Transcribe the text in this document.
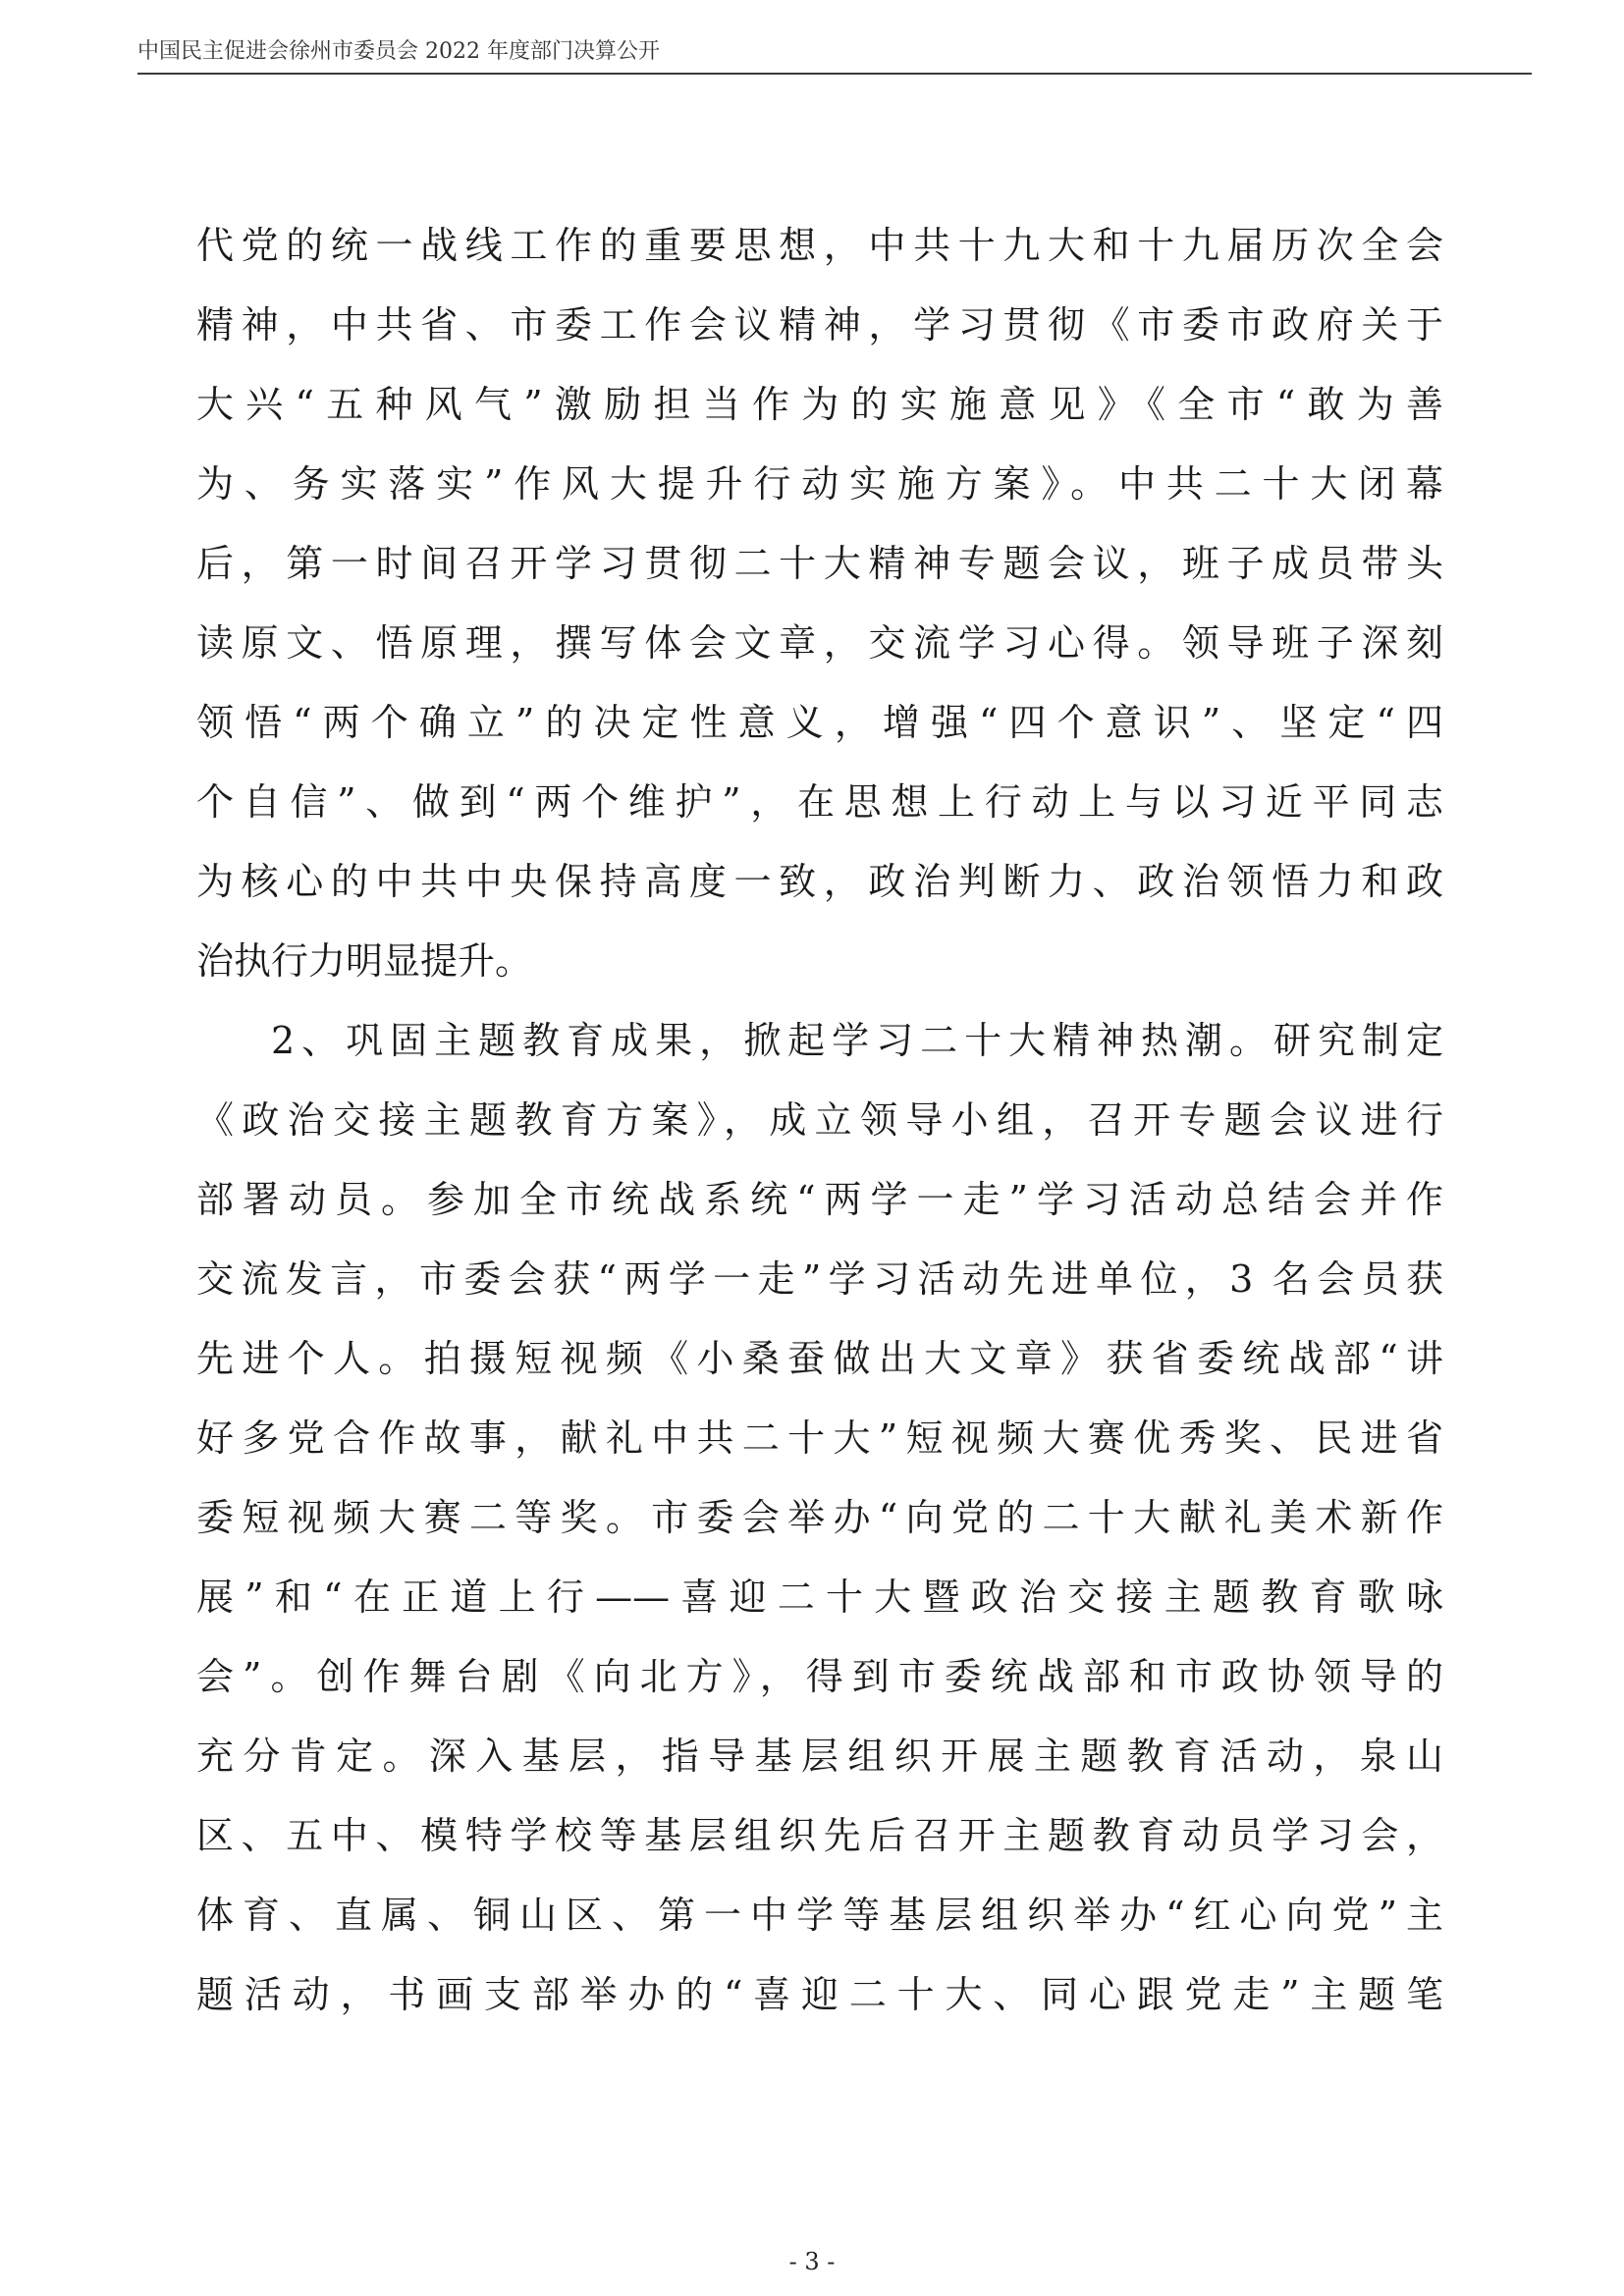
中国民主促进会徐州市委员会 2022 年度部门决算公开
代党的统一战线工作的重要思想，中共十九大和十九届历次全会
精神，中共省、市委工作会议精神，学习贯彻《市委市政府关于
大兴“五种风气”激励担当作为的实施意见》《全市“敢为善
为、务实落实”作风大提升行动实施方案》。中共二十大闭幕
后，第一时间召开学习贯彻二十大精神专题会议，班子成员带头
读原文、悟原理，撰写体会文章，交流学习心得。领导班子深刻
领悟“两个确立”的决定性意义，增强“四个意识”、坚定“四
个自信”、做到“两个维护”，在思想上行动上与以习近平同志
为核心的中共中央保持高度一致，政治判断力、政治领悟力和政
治执行力明显提升。
2、巩固主题教育成果，掀起学习二十大精神热潮。研究制定
《政治交接主题教育方案》，成立领导小组，召开专题会议进行
部署动员。参加全市统战系统“两学一走”学习活动总结会并作
交流发言，市委会获“两学一走”学习活动先进单位，3 名会员获
先进个人。拍摄短视频《小桑蚕做出大文章》获省委统战部“讲
好多党合作故事，献礼中共二十大”短视频大赛优秀奖、民进省
委短视频大赛二等奖。市委会举办“向党的二十大献礼美术新作
展”和“在正道上行——喜迎二十大暨政治交接主题教育歌咏
会”。创作舞台剧《向北方》，得到市委统战部和市政协领导的
充分肯定。深入基层，指导基层组织开展主题教育活动，泉山
区、五中、模特学校等基层组织先后召开主题教育动员学习会，
体育、直属、铜山区、第一中学等基层组织举办“红心向党”主
题活动，书画支部举办的“喜迎二十大、同心跟党走”主题笔
- 3 -
